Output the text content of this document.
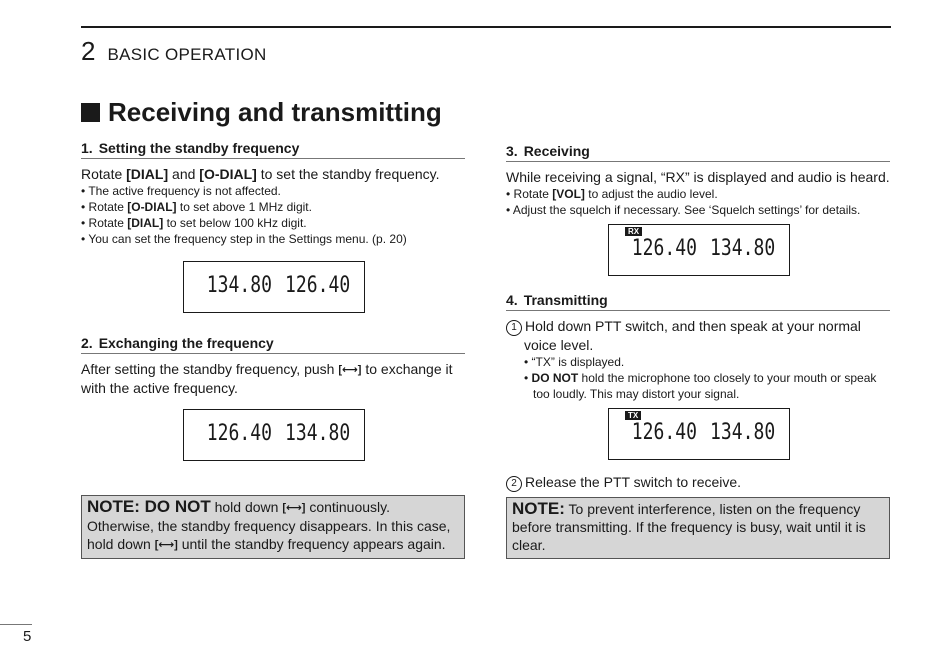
2 BASIC OPERATION
Receiving and transmitting
1. Setting the standby frequency

Rotate [DIAL] and [O-DIAL] to set the standby frequency.

• The active frequency is not affected.

• Rotate [O-DIAL] to set above 1 MHz digit.

• Rotate [DIAL] to set below 100 kHz digit.

• You can set the frequency step in the Settings menu. (p. 20)

134.80 126.40
2. Exchanging the frequency

After setting the standby frequency, push [⟷] to exchange it with the active frequency.

126.40 134.80
NOTE: DO NOT hold down [⟷] continuously. Otherwise, the standby frequency disappears. In this case, hold down [⟷] until the standby frequency appears again.
3. Receiving

While receiving a signal, “RX” is displayed and audio is heard.

• Rotate [VOL] to adjust the audio level.

• Adjust the squelch if necessary. See ‘Squelch settings’ for details.

RX
126.40 134.80
4. Transmitting

1 Hold down PTT switch, and then speak at your normal voice level.

• “TX” is displayed.

• DO NOT hold the microphone too closely to your mouth or speak too loudly. This may distort your signal.

TX
126.40 134.80

2 Release the PTT switch to receive.

NOTE: To prevent interference, listen on the frequency before transmitting. If the frequency is busy, wait until it is clear.
5
